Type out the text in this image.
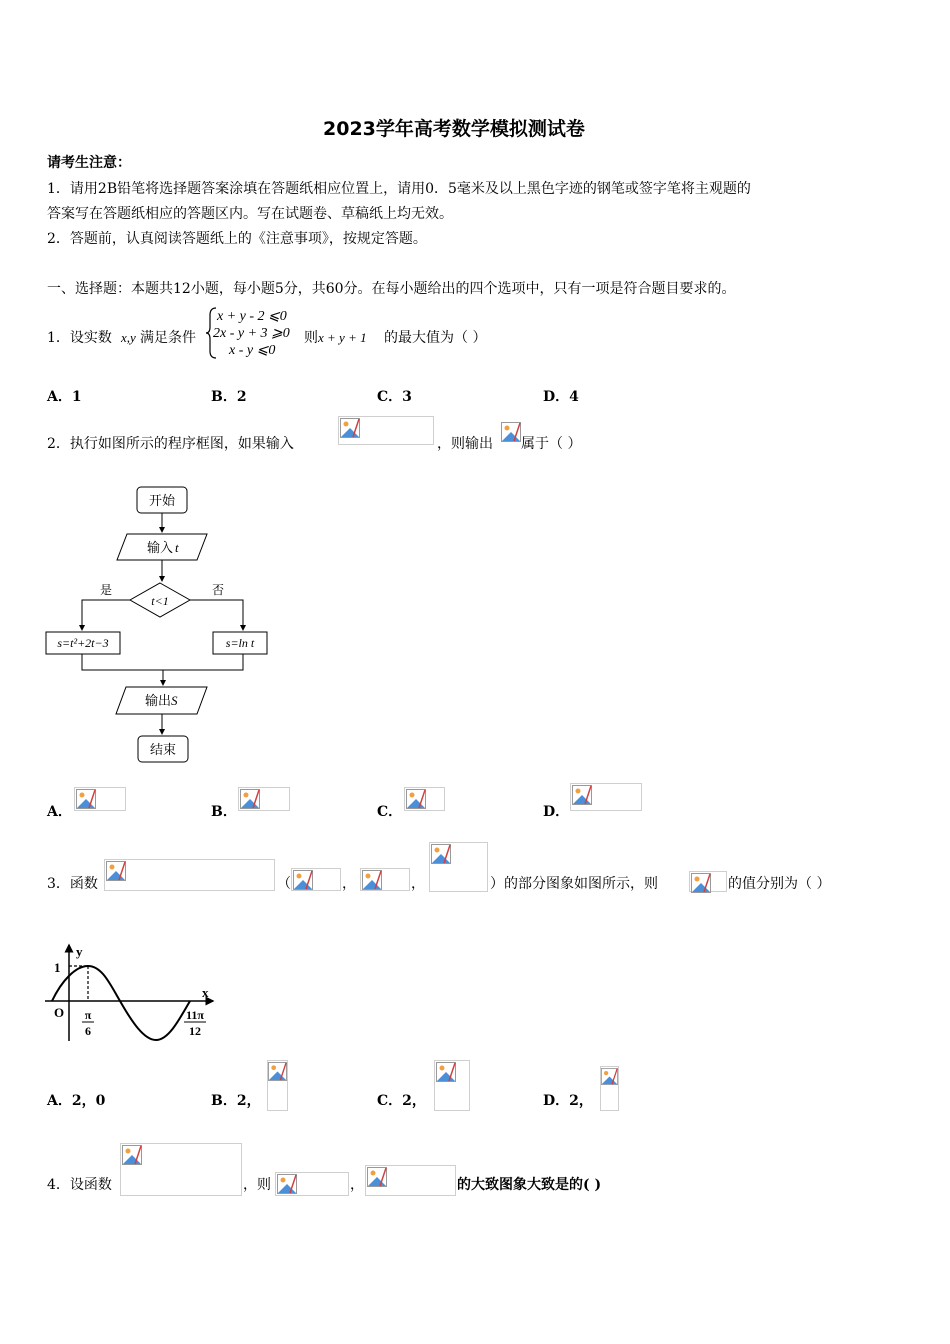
2023学年高考数学模拟测试卷
请考生注意：
1．请用2B铅笔将选择题答案涂填在答题纸相应位置上，请用0．5毫米及以上黑色字迹的钢笔或签字笔将主观题的
答案写在答题纸相应的答题区内。写在试题卷、草稿纸上均无效。
2．答题前，认真阅读答题纸上的《注意事项》，按规定答题。
一、选择题：本题共12小题，每小题5分，共60分。在每小题给出的四个选项中，只有一项是符合题目要求的。
1．设实数 x,y 满足条件
x + y - 2 ⩽0
2x - y + 3 ⩾0
x - y ⩽0
则 x + y + 1 的最大值为（ ）
A．1	B．2	C．3	D．4
2．执行如图所示的程序框图，如果输入	，则输出 属于（ ）
开始
输入 t
t<1
是	否
s=t²+2t−3	s=ln t
输出 S
结束
A．	B．	C．	D．
3．函数	（	，	，	）的部分图象如图所示，则	的值分别为（ ）
y
x
1
O π
6
11π
12
A．2，0	B．2，	C．2，	D．2，
4．设函数	，则	，	的大致图象大致是的( )
